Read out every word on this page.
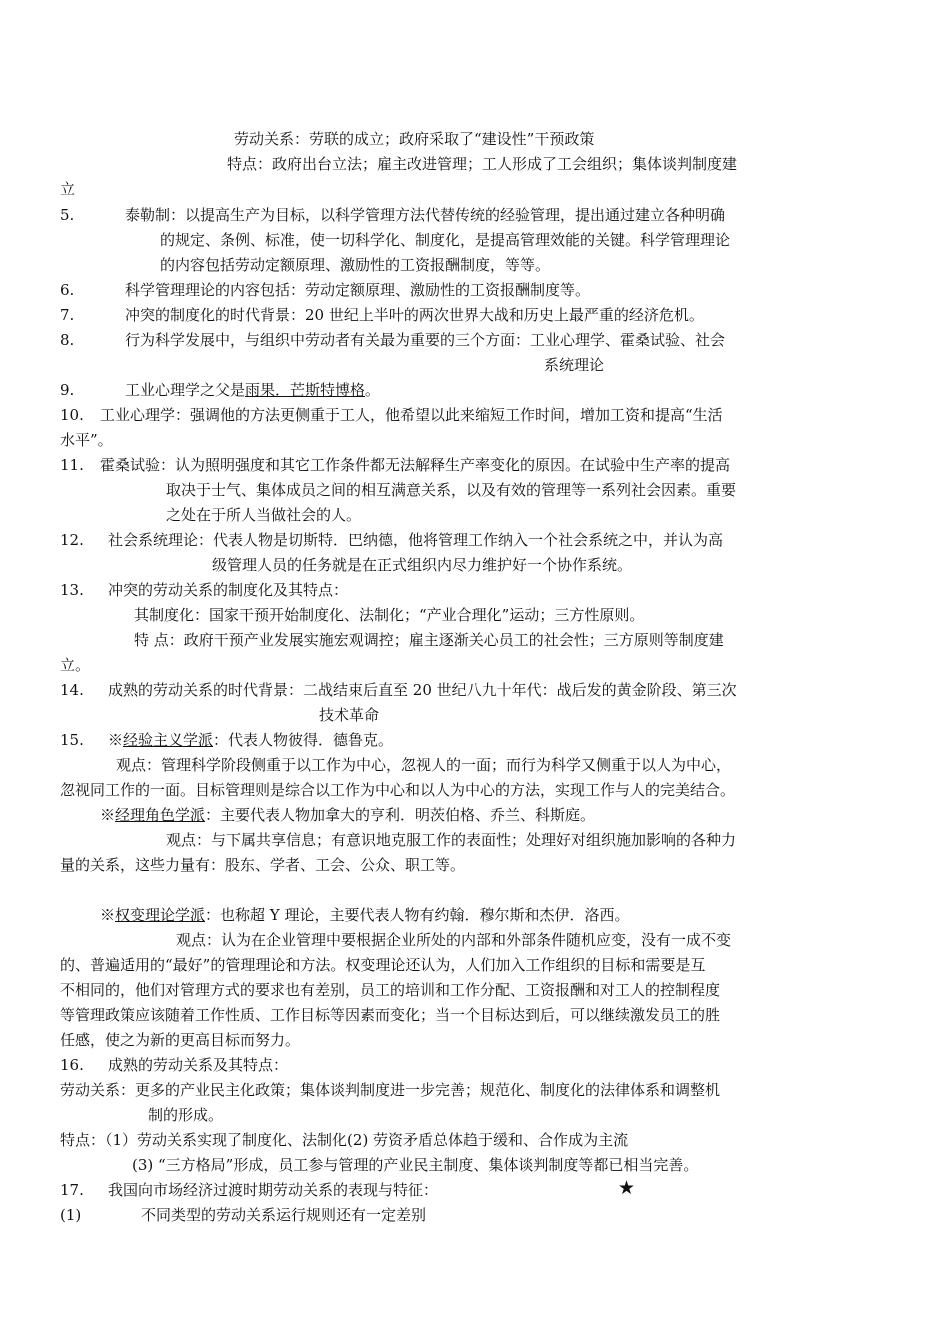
劳动关系：劳联的成立；政府采取了“建设性”干预政策
特点：政府出台立法；雇主改进管理；工人形成了工会组织；集体谈判制度建
立
5.	泰勒制：以提高生产为目标，以科学管理方法代替传统的经验管理，提出通过建立各种明确
的规定、条例、标准，使一切科学化、制度化，是提高管理效能的关键。科学管理理论
的内容包括劳动定额原理、激励性的工资报酬制度，等等。
6.	科学管理理论的内容包括：劳动定额原理、激励性的工资报酬制度等。
7.	冲突的制度化的时代背景：20 世纪上半叶的两次世界大战和历史上最严重的经济危机。
8.	行为科学发展中，与组织中劳动者有关最为重要的三个方面：工业心理学、霍桑试验、社会
系统理论
9.	工业心理学之父是雨果．芒斯特博格。
10. 工业心理学：强调他的方法更侧重于工人，他希望以此来缩短工作时间，增加工资和提高“生活
水平”。
11. 霍桑试验：认为照明强度和其它工作条件都无法解释生产率变化的原因。在试验中生产率的提高
取决于士气、集体成员之间的相互满意关系，以及有效的管理等一系列社会因素。重要
之处在于所人当做社会的人。
12. 社会系统理论：代表人物是切斯特．巴纳德，他将管理工作纳入一个社会系统之中，并认为高
级管理人员的任务就是在正式组织内尽力维护好一个协作系统。
13. 冲突的劳动关系的制度化及其特点：
其制度化：国家干预开始制度化、法制化；“产业合理化”运动；三方性原则。
特 点：政府干预产业发展实施宏观调控；雇主逐渐关心员工的社会性；三方原则等制度建
立。
14. 成熟的劳动关系的时代背景：二战结束后直至 20 世纪八九十年代：战后发的黄金阶段、第三次
技术革命
15. ※经验主义学派：代表人物彼得．德鲁克。
观点：管理科学阶段侧重于以工作为中心，忽视人的一面；而行为科学又侧重于以人为中心，
忽视同工作的一面。目标管理则是综合以工作为中心和以人为中心的方法，实现工作与人的完美结合。
※经理角色学派：主要代表人物加拿大的亨利．明茨伯格、乔兰、科斯庭。
观点：与下属共享信息；有意识地克服工作的表面性；处理好对组织施加影响的各种力
量的关系，这些力量有：股东、学者、工会、公众、职工等。
※权变理论学派：也称超 Y 理论，主要代表人物有约翰．穆尔斯和杰伊．洛西。
观点：认为在企业管理中要根据企业所处的内部和外部条件随机应变，没有一成不变
的、普遍适用的“最好”的管理理论和方法。权变理论还认为，人们加入工作组织的目标和需要是互
不相同的，他们对管理方式的要求也有差别，员工的培训和工作分配、工资报酬和对工人的控制程度
等管理政策应该随着工作性质、工作目标等因素而变化；当一个目标达到后，可以继续激发员工的胜
任感，使之为新的更高目标而努力。
16. 成熟的劳动关系及其特点：
劳动关系：更多的产业民主化政策；集体谈判制度进一步完善；规范化、制度化的法律体系和调整机
制的形成。
特点：（1）劳动关系实现了制度化、法制化(2) 劳资矛盾总体趋于缓和、合作成为主流
(3) “三方格局”形成，员工参与管理的产业民主制度、集体谈判制度等都已相当完善。
17. 我国向市场经济过渡时期劳动关系的表现与特征：	★
(1)	不同类型的劳动关系运行规则还有一定差别
